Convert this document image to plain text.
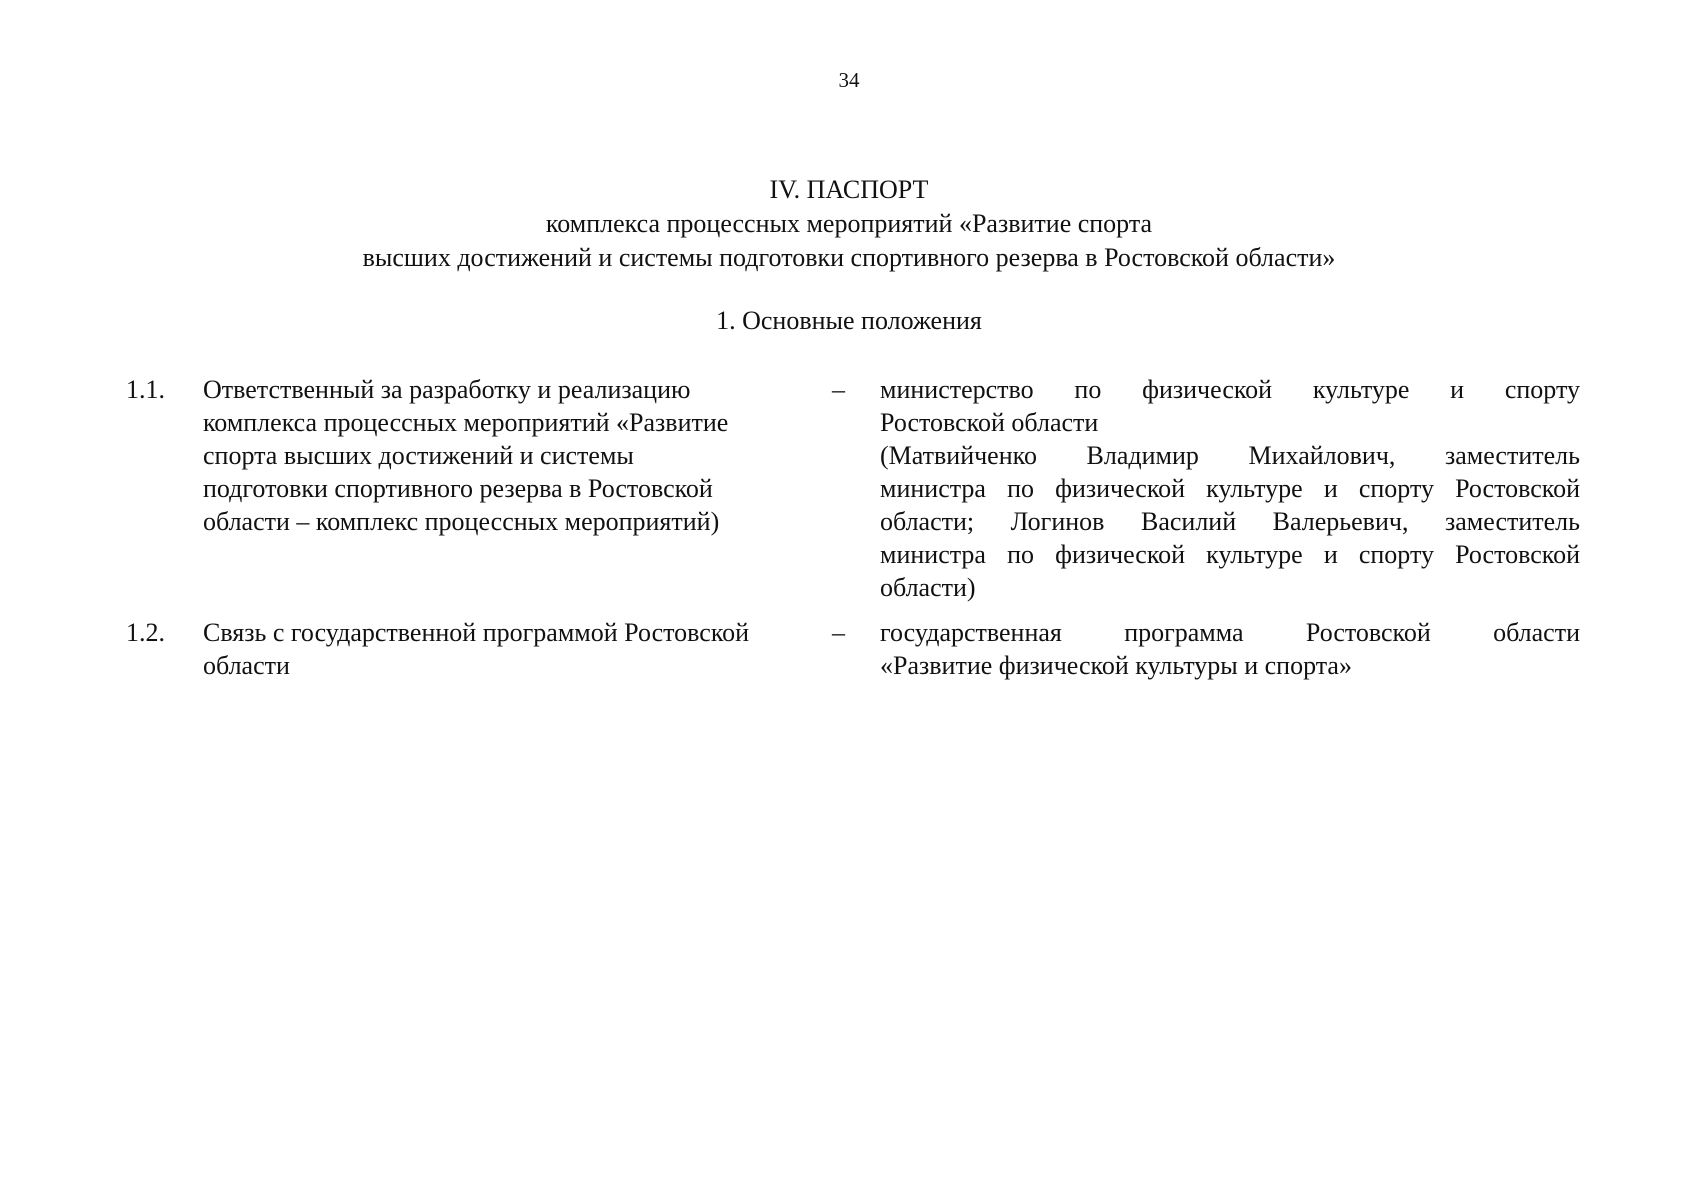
34
IV. ПАСПОРТ
комплекса процессных мероприятий «Развитие спорта
высших достижений и системы подготовки спортивного резерва в Ростовской области»
1. Основные положения
1.1.	Ответственный за разработку и реализацию
комплекса процессных мероприятий «Развитие
спорта высших достижений и системы
подготовки спортивного резерва в Ростовской
области – комплекс процессных мероприятий)
– министерство по физической культуре и спорту
Ростовской области
(Матвийченко Владимир Михайлович, заместитель
министра по физической культуре и спорту Ростовской
области; Логинов Василий Валерьевич, заместитель
министра по физической культуре и спорту Ростовской
области)
1.2.	Связь с государственной программой Ростовской
области
– государственная программа Ростовской области
«Развитие физической культуры и спорта»
